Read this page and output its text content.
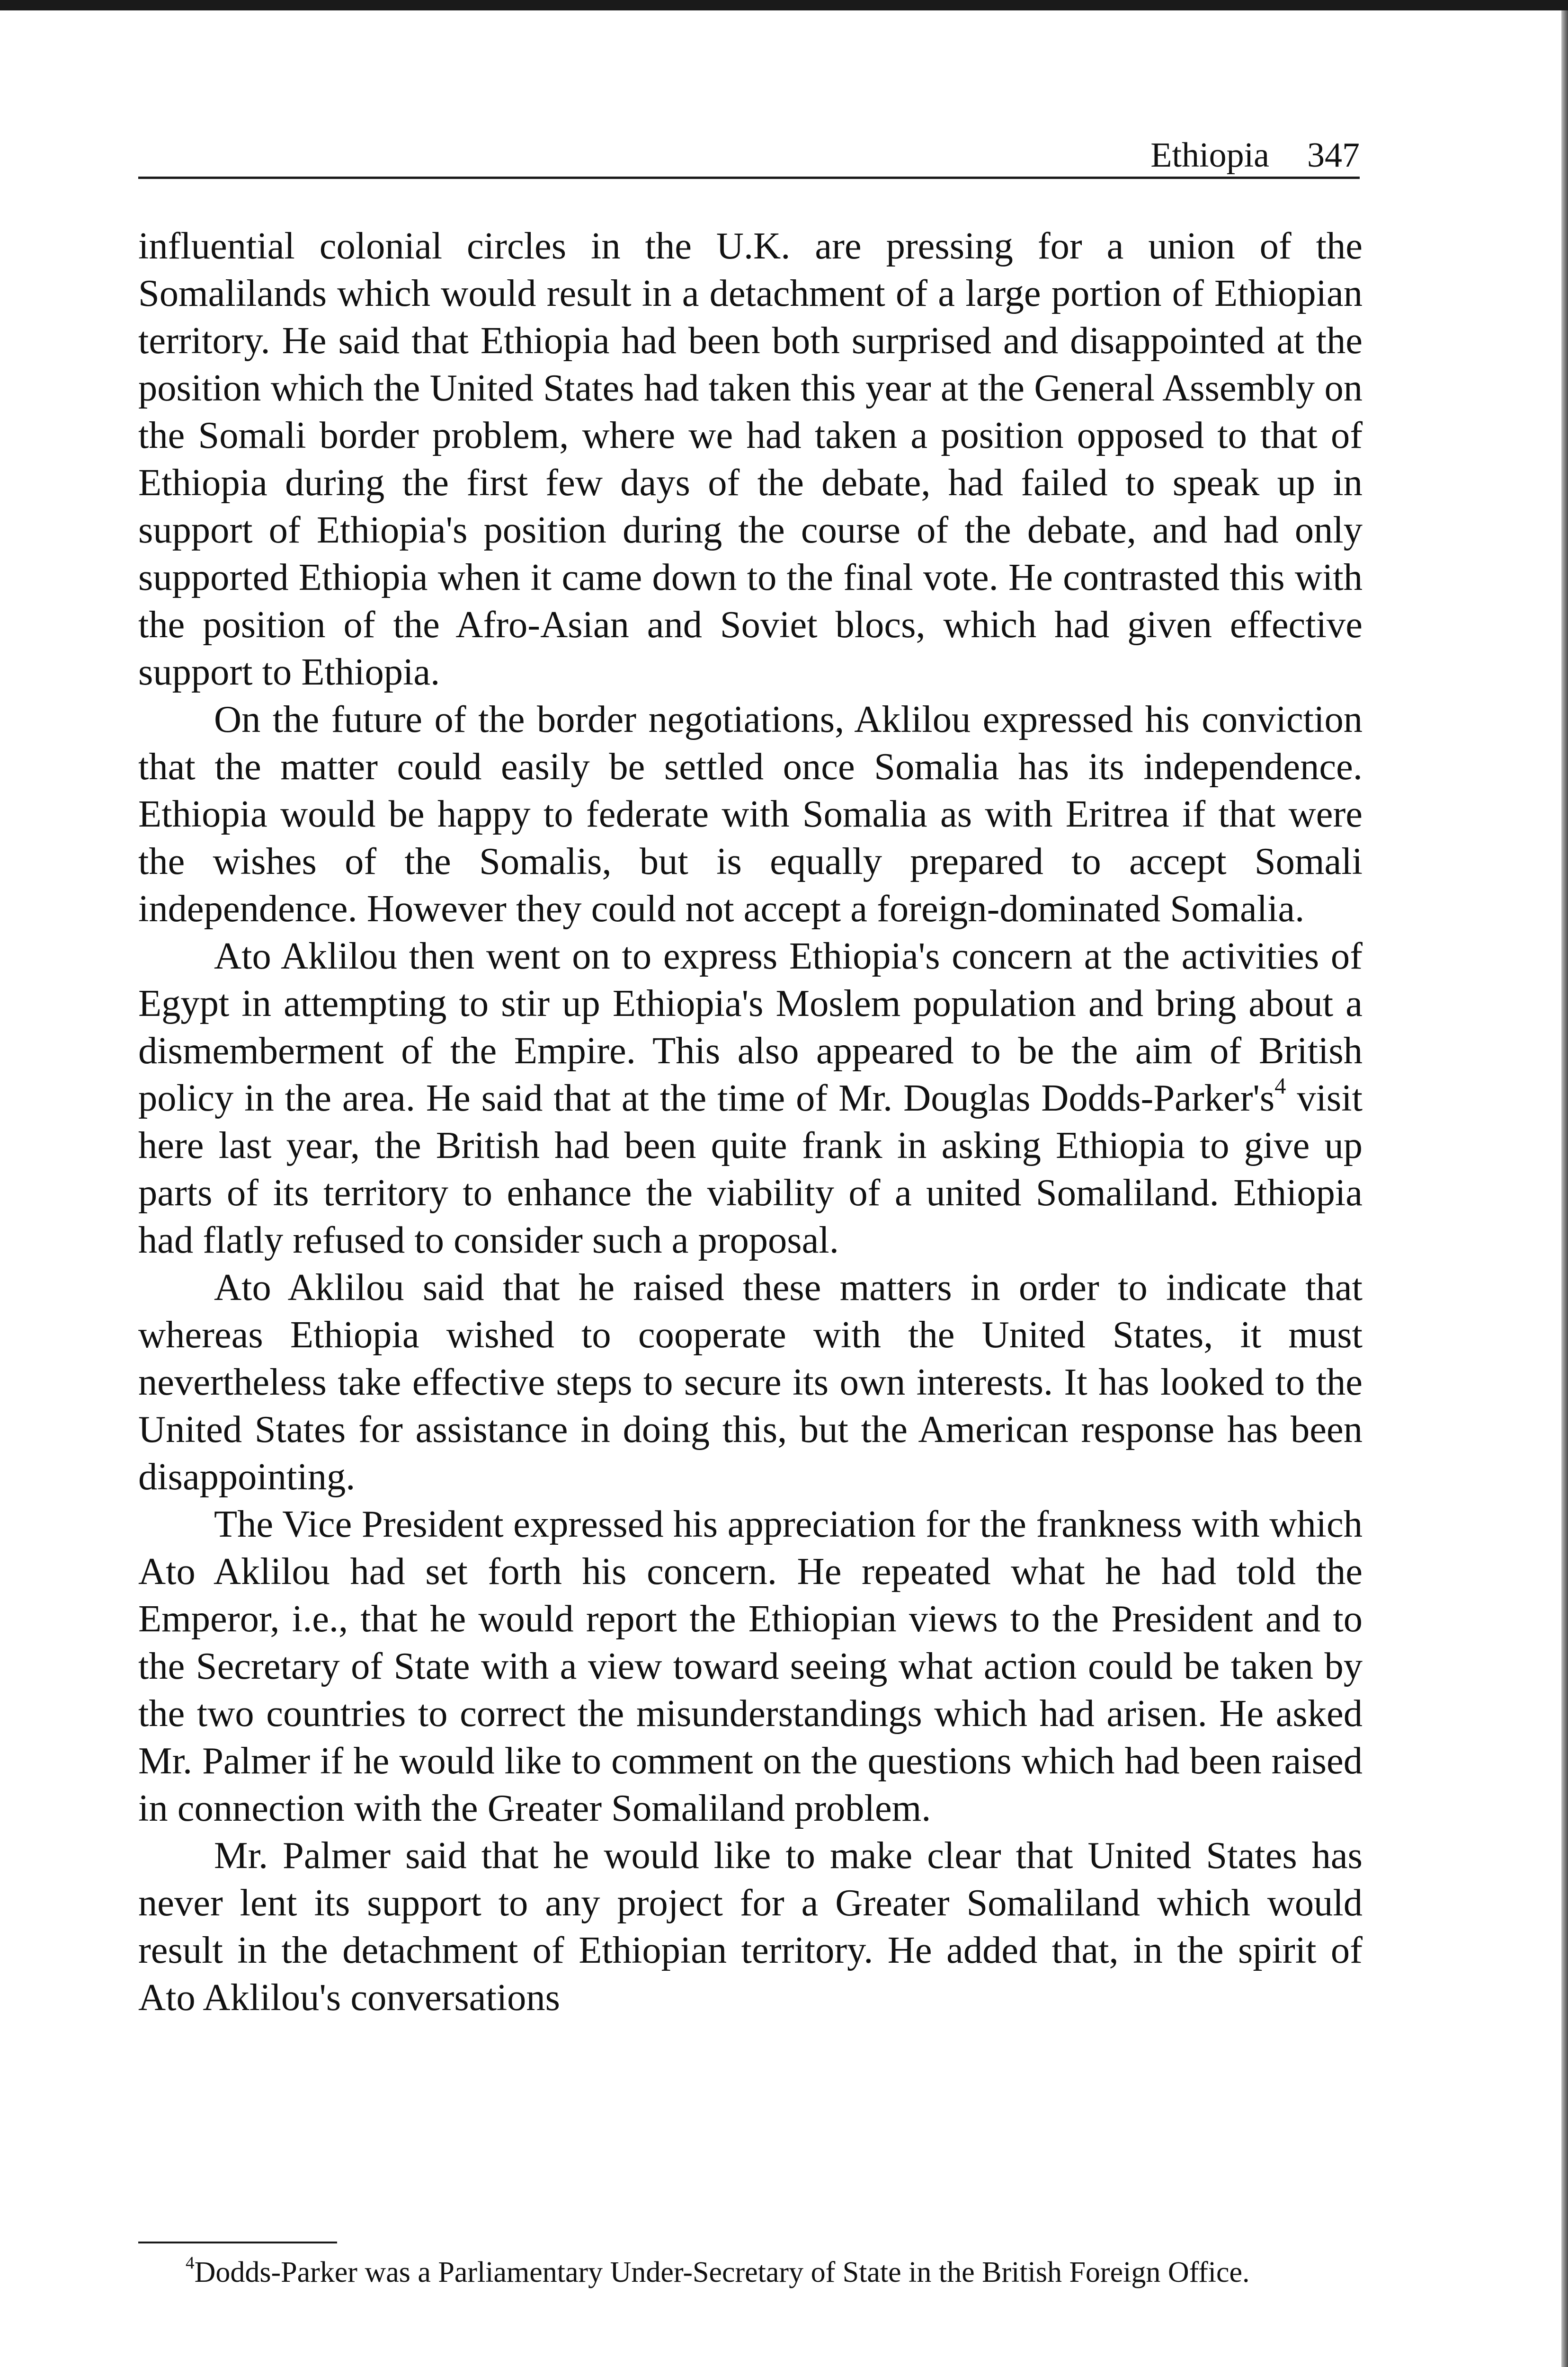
Ethiopia 347

influential colonial circles in the U.K. are pressing for a union of the Somalilands which would result in a detachment of a large portion of Ethiopian territory. He said that Ethiopia had been both surprised and disappointed at the position which the United States had taken this year at the General Assembly on the Somali border problem, where we had taken a position opposed to that of Ethiopia during the first few days of the debate, had failed to speak up in support of Ethiopia's position during the course of the debate, and had only supported Ethiopia when it came down to the final vote. He contrasted this with the position of the Afro-Asian and Soviet blocs, which had given effective support to Ethiopia.

On the future of the border negotiations, Aklilou expressed his conviction that the matter could easily be settled once Somalia has its independence. Ethiopia would be happy to federate with Somalia as with Eritrea if that were the wishes of the Somalis, but is equally prepared to accept Somali independence. However they could not accept a foreign-dominated Somalia.

Ato Aklilou then went on to express Ethiopia's concern at the activities of Egypt in attempting to stir up Ethiopia's Moslem population and bring about a dismemberment of the Empire. This also appeared to be the aim of British policy in the area. He said that at the time of Mr. Douglas Dodds-$Parker's^4$ visit here last year, the British had been quite frank in asking Ethiopia to give up parts of its territory to enhance the viability of a united Somaliland. Ethiopia had flatly refused to consider such a proposal.

Ato Aklilou said that he raised these matters in order to indicate that whereas Ethiopia wished to cooperate with the United States, it must nevertheless take effective steps to secure its own interests. It has looked to the United States for assistance in doing this, but the American response has been disappointing.

The Vice President expressed his appreciation for the frankness with which Ato Aklilou had set forth his concern. He repeated what he had told the Emperor, i.e., that he would report the Ethiopian views to the President and to the Secretary of State with a view toward seeing what action could be taken by the two countries to correct the misunderstandings which had arisen. He asked Mr. Palmer if he would like to comment on the questions which had been raised in connection with the Greater Somaliland problem.

Mr. Palmer said that he would like to make clear that United States has never lent its support to any project for a Greater Somaliland which would result in the detachment of Ethiopian territory. He added that, in the spirit of Ato Aklilou's conversations

$^4$Dodds-Parker was a Parliamentary Under-Secretary of State in the British Foreign Office.
